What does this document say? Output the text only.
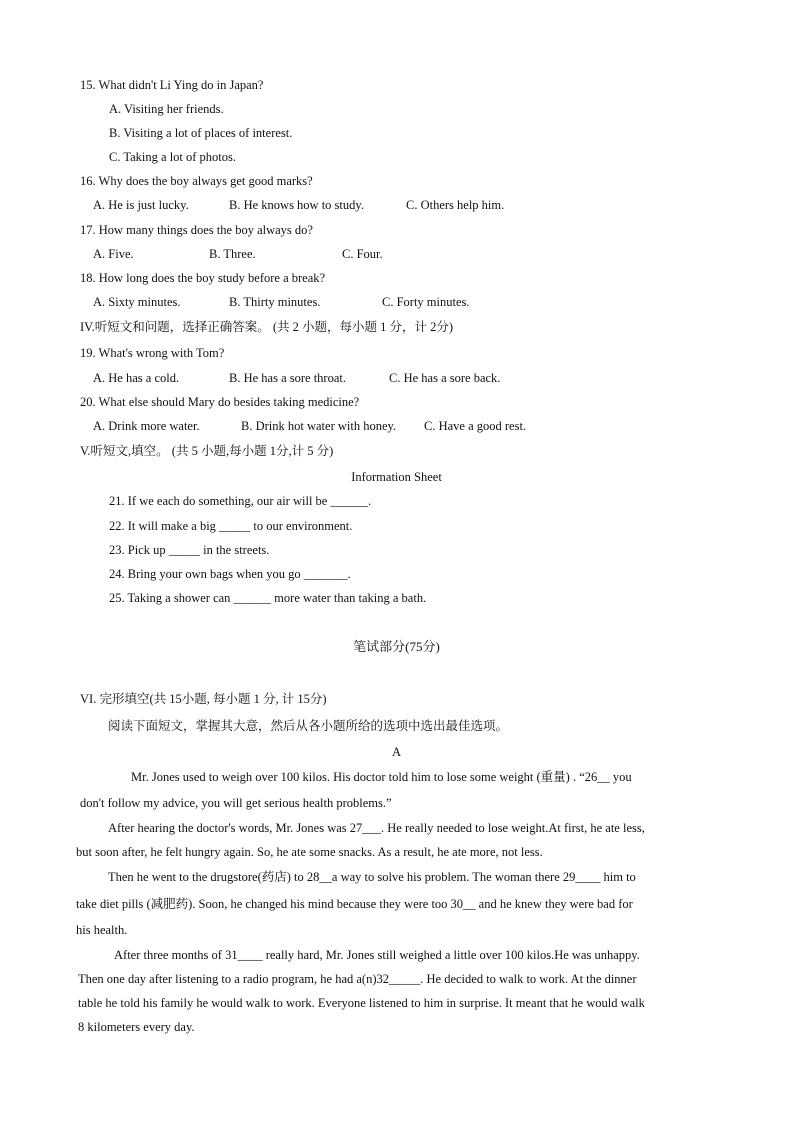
15. What didn't Li Ying do in Japan?
A. Visiting her friends.
B. Visiting a lot of places of interest.
C. Taking a lot of photos.
16. Why does the boy always get good marks?
A. He is just lucky.	B. He knows how to study.	C. Others help him.
17. How many things does the boy always do?
A. Five.	B. Three.	C. Four.
18. How long does the boy study before a break?
A. Sixty minutes.	B. Thirty minutes.	C. Forty minutes.
IV.听短文和问题，选择正确答案。 (共 2 小题，每小题 1 分，计 2分)
19. What's wrong with Tom?
A. He has a cold.	B. He has a sore throat.	C. He has a sore back.
20. What else should Mary do besides taking medicine?
A. Drink more water.	B. Drink hot water with honey. C. Have a good rest.
V.听短文,填空。 (共 5 小题,每小题 1分,计 5 分)
Information Sheet
21. If we each do something, our air will be ______.
22. It will make a big _____ to our environment.
23. Pick up _____ in the streets.
24. Bring your own bags when you go _______.
25. Taking a shower can ______ more water than taking a bath.
笔试部分(75分)
VI. 完形填空(共 15小题, 每小题 1 分, 计 15分)
阅读下面短文，掌握其大意，然后从各小题所给的选项中选出最佳选项。
A
Mr. Jones used to weigh over 100 kilos. His doctor told him to lose some weight (重量) . “26__ you
don't follow my advice, you will get serious health problems.”
After hearing the doctor's words, Mr. Jones was 27___. He really needed to lose weight.At first, he ate less,
but soon after, he felt hungry again. So, he ate some snacks. As a result, he ate more, not less.
Then he went to the drugstore(药店) to 28__a way to solve his problem. The woman there 29____ him to
take diet pills (减肥药). Soon, he changed his mind because they were too 30__ and he knew they were bad for
his health.
After three months of 31____ really hard, Mr. Jones still weighed a little over 100 kilos.He was unhappy.
Then one day after listening to a radio program, he had a(n)32_____. He decided to walk to work. At the dinner
table he told his family he would walk to work. Everyone listened to him in surprise. It meant that he would walk
8 kilometers every day.
